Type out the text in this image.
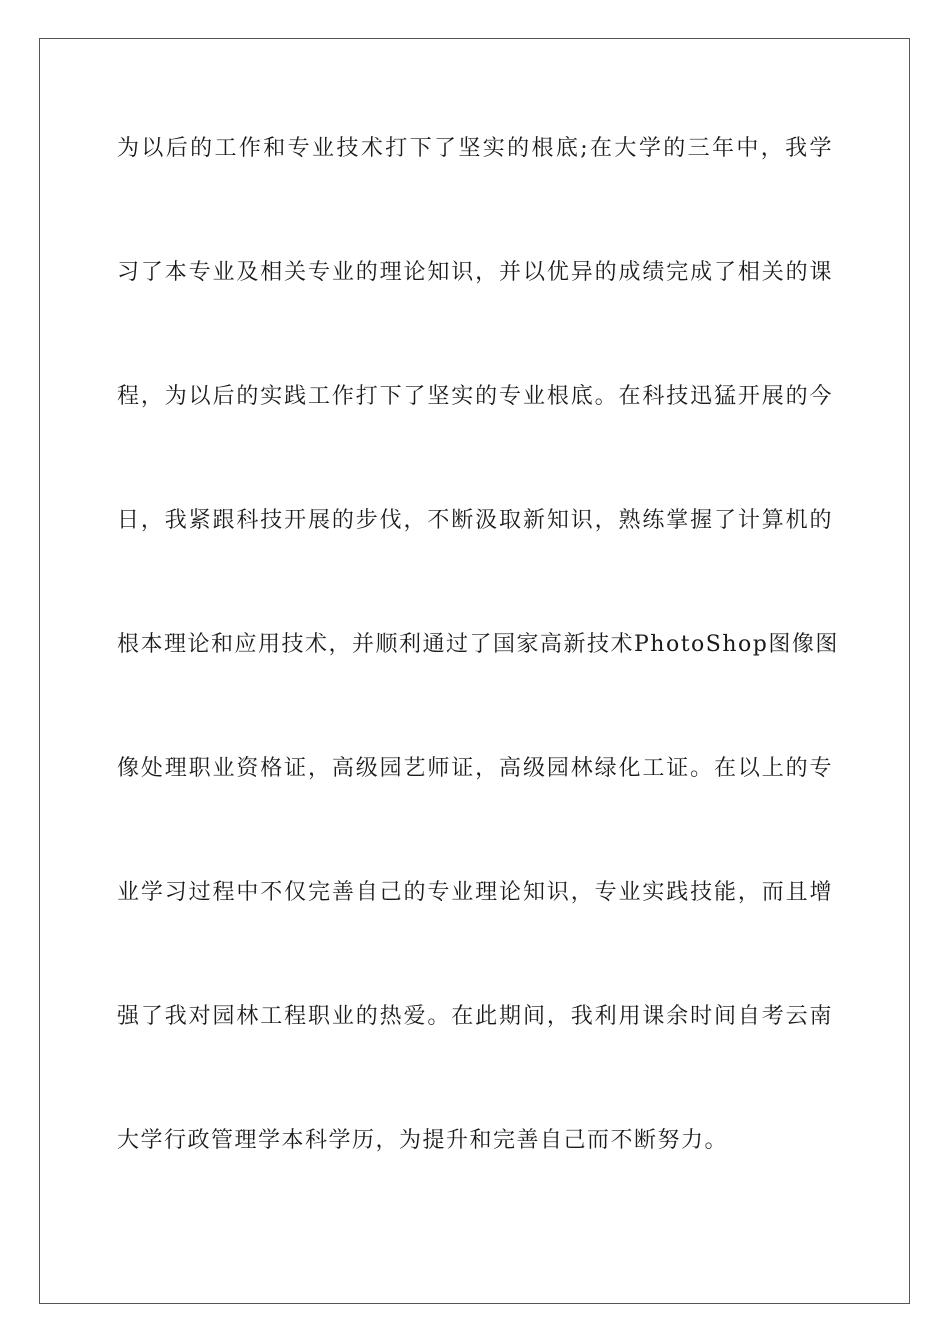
为以后的工作和专业技术打下了坚实的根底;在大学的三年中，我学
习了本专业及相关专业的理论知识，并以优异的成绩完成了相关的课
程，为以后的实践工作打下了坚实的专业根底。在科技迅猛开展的今
日，我紧跟科技开展的步伐，不断汲取新知识，熟练掌握了计算机的
根本理论和应用技术，并顺利通过了国家高新技术PhotoShop图像图
像处理职业资格证，高级园艺师证，高级园林绿化工证。在以上的专
业学习过程中不仅完善自己的专业理论知识，专业实践技能，而且增
强了我对园林工程职业的热爱。在此期间，我利用课余时间自考云南
大学行政管理学本科学历，为提升和完善自己而不断努力。
